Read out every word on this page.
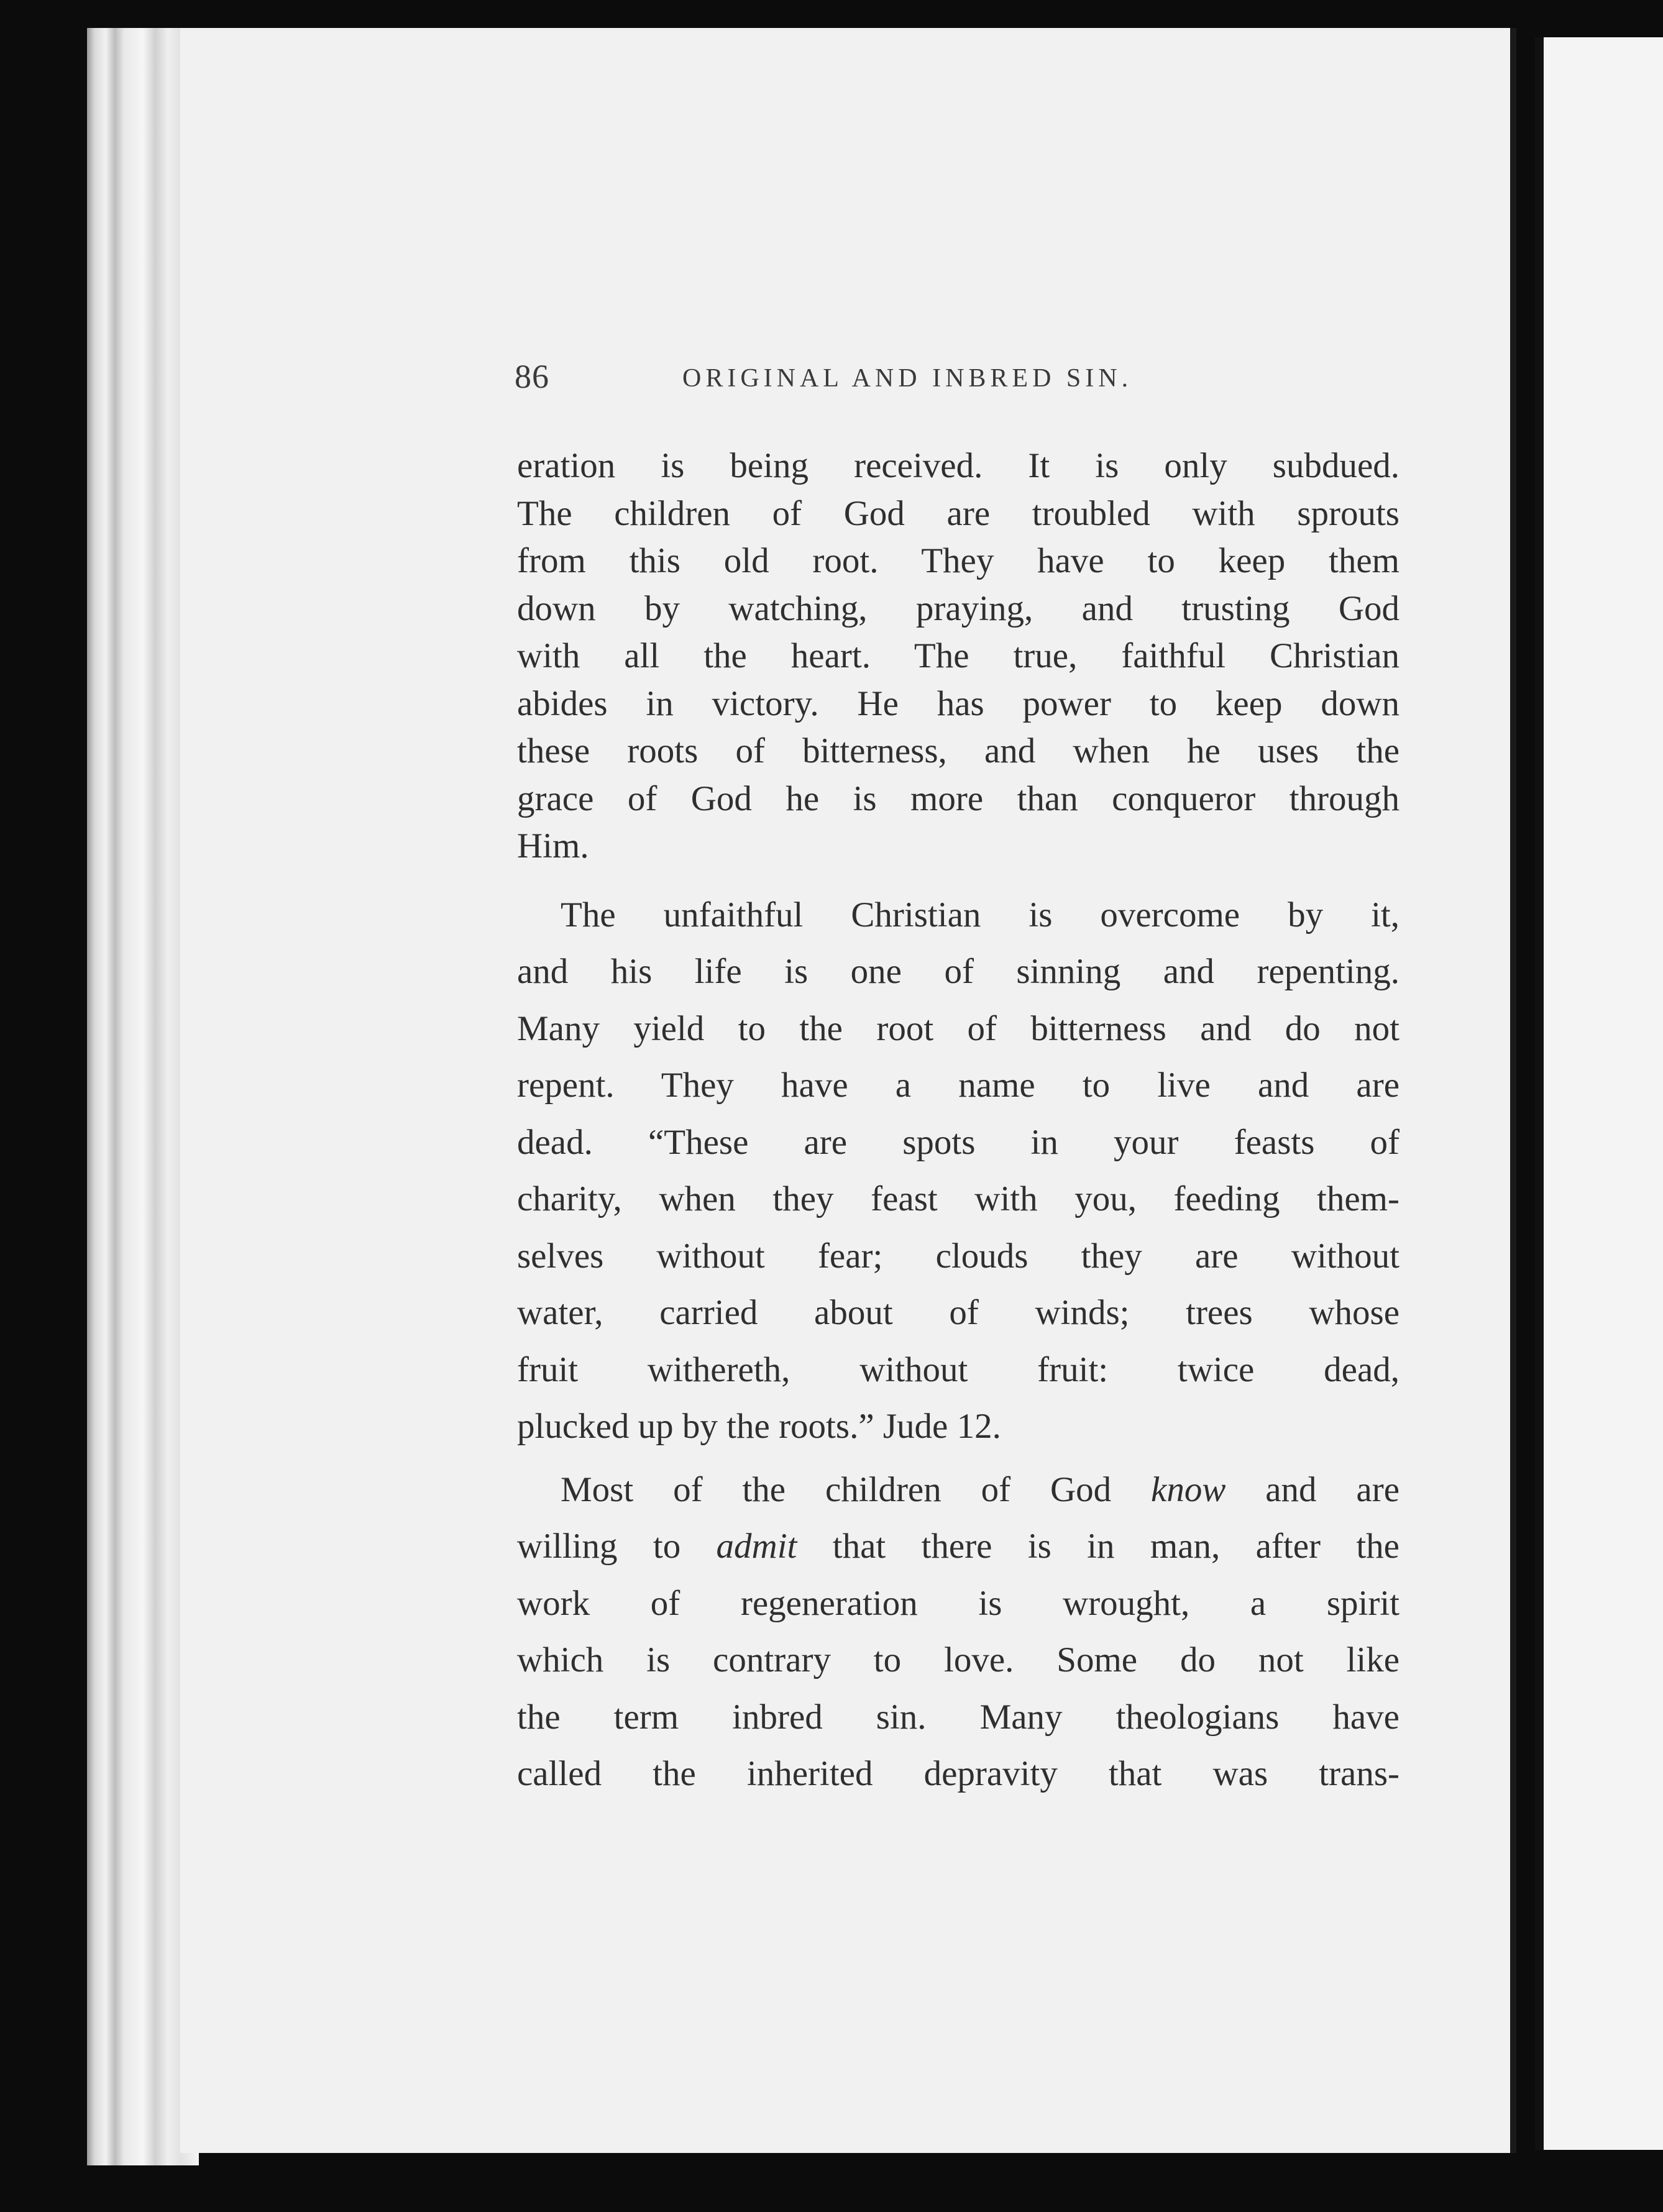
86	ORIGINAL AND INBRED SIN.
eration is being received. It is only subdued.
The children of God are troubled with sprouts
from this old root. They have to keep them
down by watching, praying, and trusting God
with all the heart. The true, faithful Christian
abides in victory. He has power to keep down
these roots of bitterness, and when he uses the
grace of God he is more than conqueror through
Him.
The unfaithful Christian is overcome by it,
and his life is one of sinning and repenting.
Many yield to the root of bitterness and do not
repent. They have a name to live and are
dead. “These are spots in your feasts of
charity, when they feast with you, feeding them-
selves without fear; clouds they are without
water, carried about of winds; trees whose
fruit withereth, without fruit: twice dead,
plucked up by the roots.” Jude 12.
Most of the children of God know and are
willing to admit that there is in man, after the
work of regeneration is wrought, a spirit
which is contrary to love. Some do not like
the term inbred sin. Many theologians have
called the inherited depravity that was trans-
